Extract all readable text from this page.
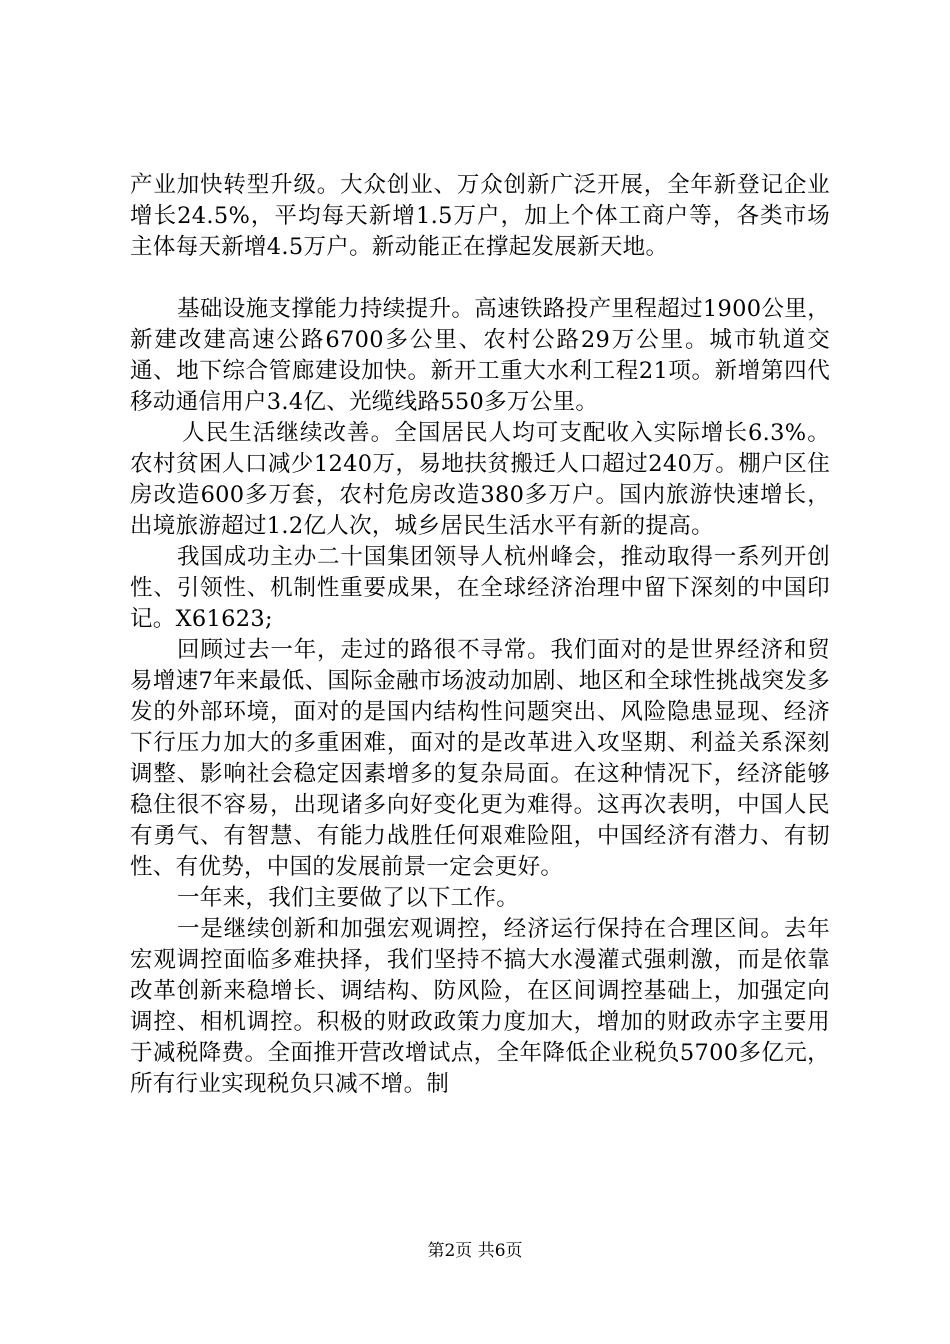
产业加快转型升级。大众创业、万众创新广泛开展，全年新登记企业增长24.5%，平均每天新增1.5万户，加上个体工商户等，各类市场主体每天新增4.5万户。新动能正在撑起发展新天地。

基础设施支撑能力持续提升。高速铁路投产里程超过1900公里，新建改建高速公路6700多公里、农村公路29万公里。城市轨道交通、地下综合管廊建设加快。新开工重大水利工程21项。新增第四代移动通信用户3.4亿、光缆线路550多万公里。

人民生活继续改善。全国居民人均可支配收入实际增长6.3%。农村贫困人口减少1240万，易地扶贫搬迁人口超过240万。棚户区住房改造600多万套，农村危房改造380多万户。国内旅游快速增长，出境旅游超过1.2亿人次，城乡居民生活水平有新的提高。

我国成功主办二十国集团领导人杭州峰会，推动取得一系列开创性、引领性、机制性重要成果，在全球经济治理中留下深刻的中国印记。X61623;

回顾过去一年，走过的路很不寻常。我们面对的是世界经济和贸易增速7年来最低、国际金融市场波动加剧、地区和全球性挑战突发多发的外部环境，面对的是国内结构性问题突出、风险隐患显现、经济下行压力加大的多重困难，面对的是改革进入攻坚期、利益关系深刻调整、影响社会稳定因素增多的复杂局面。在这种情况下，经济能够稳住很不容易，出现诸多向好变化更为难得。这再次表明，中国人民有勇气、有智慧、有能力战胜任何艰难险阻，中国经济有潜力、有韧性、有优势，中国的发展前景一定会更好。

一年来，我们主要做了以下工作。

一是继续创新和加强宏观调控，经济运行保持在合理区间。去年宏观调控面临多难抉择，我们坚持不搞大水漫灌式强刺激，而是依靠改革创新来稳增长、调结构、防风险，在区间调控基础上，加强定向调控、相机调控。积极的财政政策力度加大，增加的财政赤字主要用于减税降费。全面推开营改增试点，全年降低企业税负5700多亿元，所有行业实现税负只减不增。制

第2页 共6页
